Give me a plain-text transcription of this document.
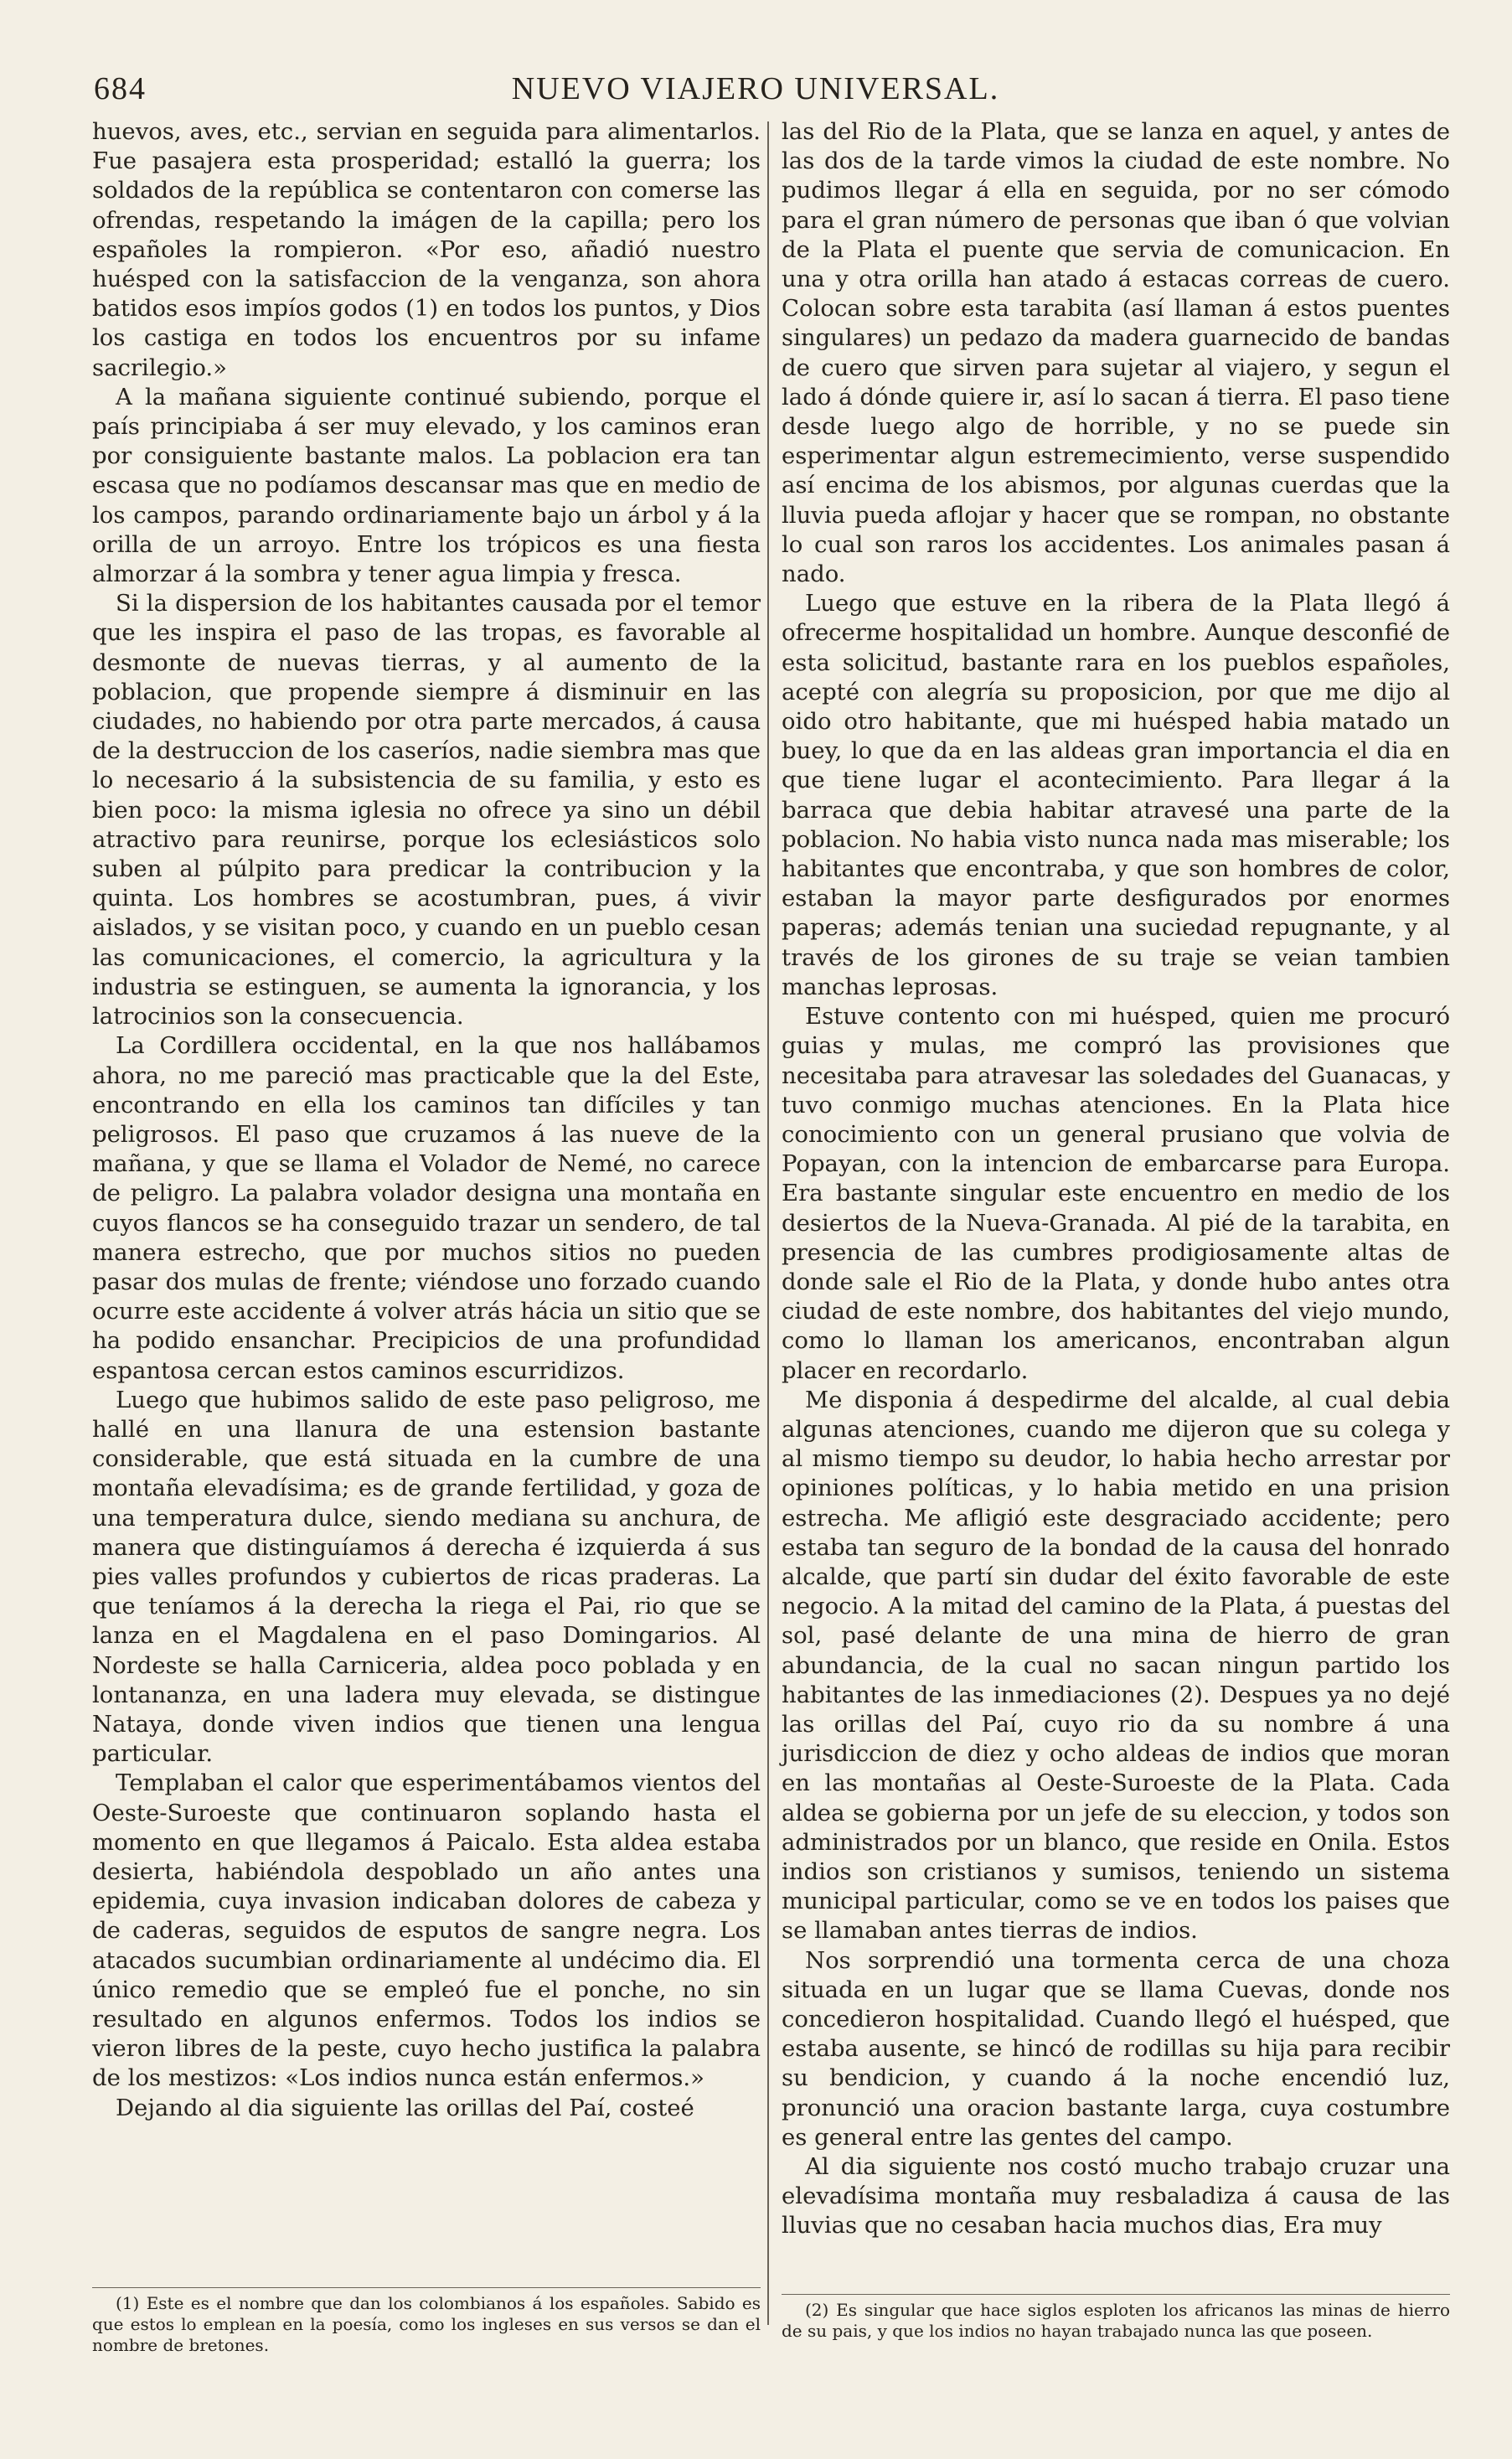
684	NUEVO VIAJERO UNIVERSAL.

huevos, aves, etc., servian en seguida para alimentarlos. Fue pasajera esta prosperidad; estalló la guerra; los soldados de la república se contentaron con comerse las ofrendas, respetando la imágen de la capilla; pero los españoles la rompieron. «Por eso, añadió nuestro huésped con la satisfaccion de la venganza, son ahora batidos esos impíos godos (1) en todos los puntos, y Dios los castiga en todos los encuentros por su infame sacrilegio.»

A la mañana siguiente continué subiendo, porque el país principiaba á ser muy elevado, y los caminos eran por consiguiente bastante malos. La poblacion era tan escasa que no podíamos descansar mas que en medio de los campos, parando ordinariamente bajo un árbol y á la orilla de un arroyo. Entre los trópicos es una fiesta almorzar á la sombra y tener agua limpia y fresca.

Si la dispersion de los habitantes causada por el temor que les inspira el paso de las tropas, es favorable al desmonte de nuevas tierras, y al aumento de la poblacion, que propende siempre á disminuir en las ciudades, no habiendo por otra parte mercados, á causa de la destruccion de los caseríos, nadie siembra mas que lo necesario á la subsistencia de su familia, y esto es bien poco: la misma iglesia no ofrece ya sino un débil atractivo para reunirse, porque los eclesiásticos solo suben al púlpito para predicar la contribucion y la quinta. Los hombres se acostumbran, pues, á vivir aislados, y se visitan poco, y cuando en un pueblo cesan las comunicaciones, el comercio, la agricultura y la industria se estinguen, se aumenta la ignorancia, y los latrocinios son la consecuencia.

La Cordillera occidental, en la que nos hallábamos ahora, no me pareció mas practicable que la del Este, encontrando en ella los caminos tan difíciles y tan peligrosos. El paso que cruzamos á las nueve de la mañana, y que se llama el Volador de Nemé, no carece de peligro. La palabra volador designa una montaña en cuyos flancos se ha conseguido trazar un sendero, de tal manera estrecho, que por muchos sitios no pueden pasar dos mulas de frente; viéndose uno forzado cuando ocurre este accidente á volver atrás hácia un sitio que se ha podido ensanchar. Precipicios de una profundidad espantosa cercan estos caminos escurridizos.

Luego que hubimos salido de este paso peligroso, me hallé en una llanura de una estension bastante considerable, que está situada en la cumbre de una montaña elevadísima; es de grande fertilidad, y goza de una temperatura dulce, siendo mediana su anchura, de manera que distinguíamos á derecha é izquierda á sus pies valles profundos y cubiertos de ricas praderas. La que teníamos á la derecha la riega el Pai, rio que se lanza en el Magdalena en el paso Domingarios. Al Nordeste se halla Carniceria, aldea poco poblada y en lontananza, en una ladera muy elevada, se distingue Nataya, donde viven indios que tienen una lengua particular.

Templaban el calor que esperimentábamos vientos del Oeste-Suroeste que continuaron soplando hasta el momento en que llegamos á Paicalo. Esta aldea estaba desierta, habiéndola despoblado un año antes una epidemia, cuya invasion indicaban dolores de cabeza y de caderas, seguidos de esputos de sangre negra. Los atacados sucumbian ordinariamente al undécimo dia. El único remedio que se empleó fue el ponche, no sin resultado en algunos enfermos. Todos los indios se vieron libres de la peste, cuyo hecho justifica la palabra de los mestizos: «Los indios nunca están enfermos.»

Dejando al dia siguiente las orillas del Paí, costeé

las del Rio de la Plata, que se lanza en aquel, y antes de las dos de la tarde vimos la ciudad de este nombre. No pudimos llegar á ella en seguida, por no ser cómodo para el gran número de personas que iban ó que volvian de la Plata el puente que servia de comunicacion. En una y otra orilla han atado á estacas correas de cuero. Colocan sobre esta tarabita (así llaman á estos puentes singulares) un pedazo da madera guarnecido de bandas de cuero que sirven para sujetar al viajero, y segun el lado á dónde quiere ir, así lo sacan á tierra. El paso tiene desde luego algo de horrible, y no se puede sin esperimentar algun estremecimiento, verse suspendido así encima de los abismos, por algunas cuerdas que la lluvia pueda aflojar y hacer que se rompan, no obstante lo cual son raros los accidentes. Los animales pasan á nado.

Luego que estuve en la ribera de la Plata llegó á ofrecerme hospitalidad un hombre. Aunque desconfié de esta solicitud, bastante rara en los pueblos españoles, acepté con alegría su proposicion, por que me dijo al oido otro habitante, que mi huésped habia matado un buey, lo que da en las aldeas gran importancia el dia en que tiene lugar el acontecimiento. Para llegar á la barraca que debia habitar atravesé una parte de la poblacion. No habia visto nunca nada mas miserable; los habitantes que encontraba, y que son hombres de color, estaban la mayor parte desfigurados por enormes paperas; además tenian una suciedad repugnante, y al través de los girones de su traje se veian tambien manchas leprosas.

Estuve contento con mi huésped, quien me procuró guias y mulas, me compró las provisiones que necesitaba para atravesar las soledades del Guanacas, y tuvo conmigo muchas atenciones. En la Plata hice conocimiento con un general prusiano que volvia de Popayan, con la intencion de embarcarse para Europa. Era bastante singular este encuentro en medio de los desiertos de la Nueva-Granada. Al pié de la tarabita, en presencia de las cumbres prodigiosamente altas de donde sale el Rio de la Plata, y donde hubo antes otra ciudad de este nombre, dos habitantes del viejo mundo, como lo llaman los americanos, encontraban algun placer en recordarlo.

Me disponia á despedirme del alcalde, al cual debia algunas atenciones, cuando me dijeron que su colega y al mismo tiempo su deudor, lo habia hecho arrestar por opiniones políticas, y lo habia metido en una prision estrecha. Me afligió este desgraciado accidente; pero estaba tan seguro de la bondad de la causa del honrado alcalde, que partí sin dudar del éxito favorable de este negocio. A la mitad del camino de la Plata, á puestas del sol, pasé delante de una mina de hierro de gran abundancia, de la cual no sacan ningun partido los habitantes de las inmediaciones (2). Despues ya no dejé las orillas del Paí, cuyo rio da su nombre á una jurisdiccion de diez y ocho aldeas de indios que moran en las montañas al Oeste-Suroeste de la Plata. Cada aldea se gobierna por un jefe de su eleccion, y todos son administrados por un blanco, que reside en Onila. Estos indios son cristianos y sumisos, teniendo un sistema municipal particular, como se ve en todos los paises que se llamaban antes tierras de indios.

Nos sorprendió una tormenta cerca de una choza situada en un lugar que se llama Cuevas, donde nos concedieron hospitalidad. Cuando llegó el huésped, que estaba ausente, se hincó de rodillas su hija para recibir su bendicion, y cuando á la noche encendió luz, pronunció una oracion bastante larga, cuya costumbre es general entre las gentes del campo.

Al dia siguiente nos costó mucho trabajo cruzar una elevadísima montaña muy resbaladiza á causa de las lluvias que no cesaban hacia muchos dias, Era muy

(1) Este es el nombre que dan los colombianos á los españoles. Sabido es que estos lo emplean en la poesía, como los ingleses en sus versos se dan el nombre de bretones.

(2) Es singular que hace siglos esploten los africanos las minas de hierro de su pais, y que los indios no hayan trabajado nunca las que poseen.
